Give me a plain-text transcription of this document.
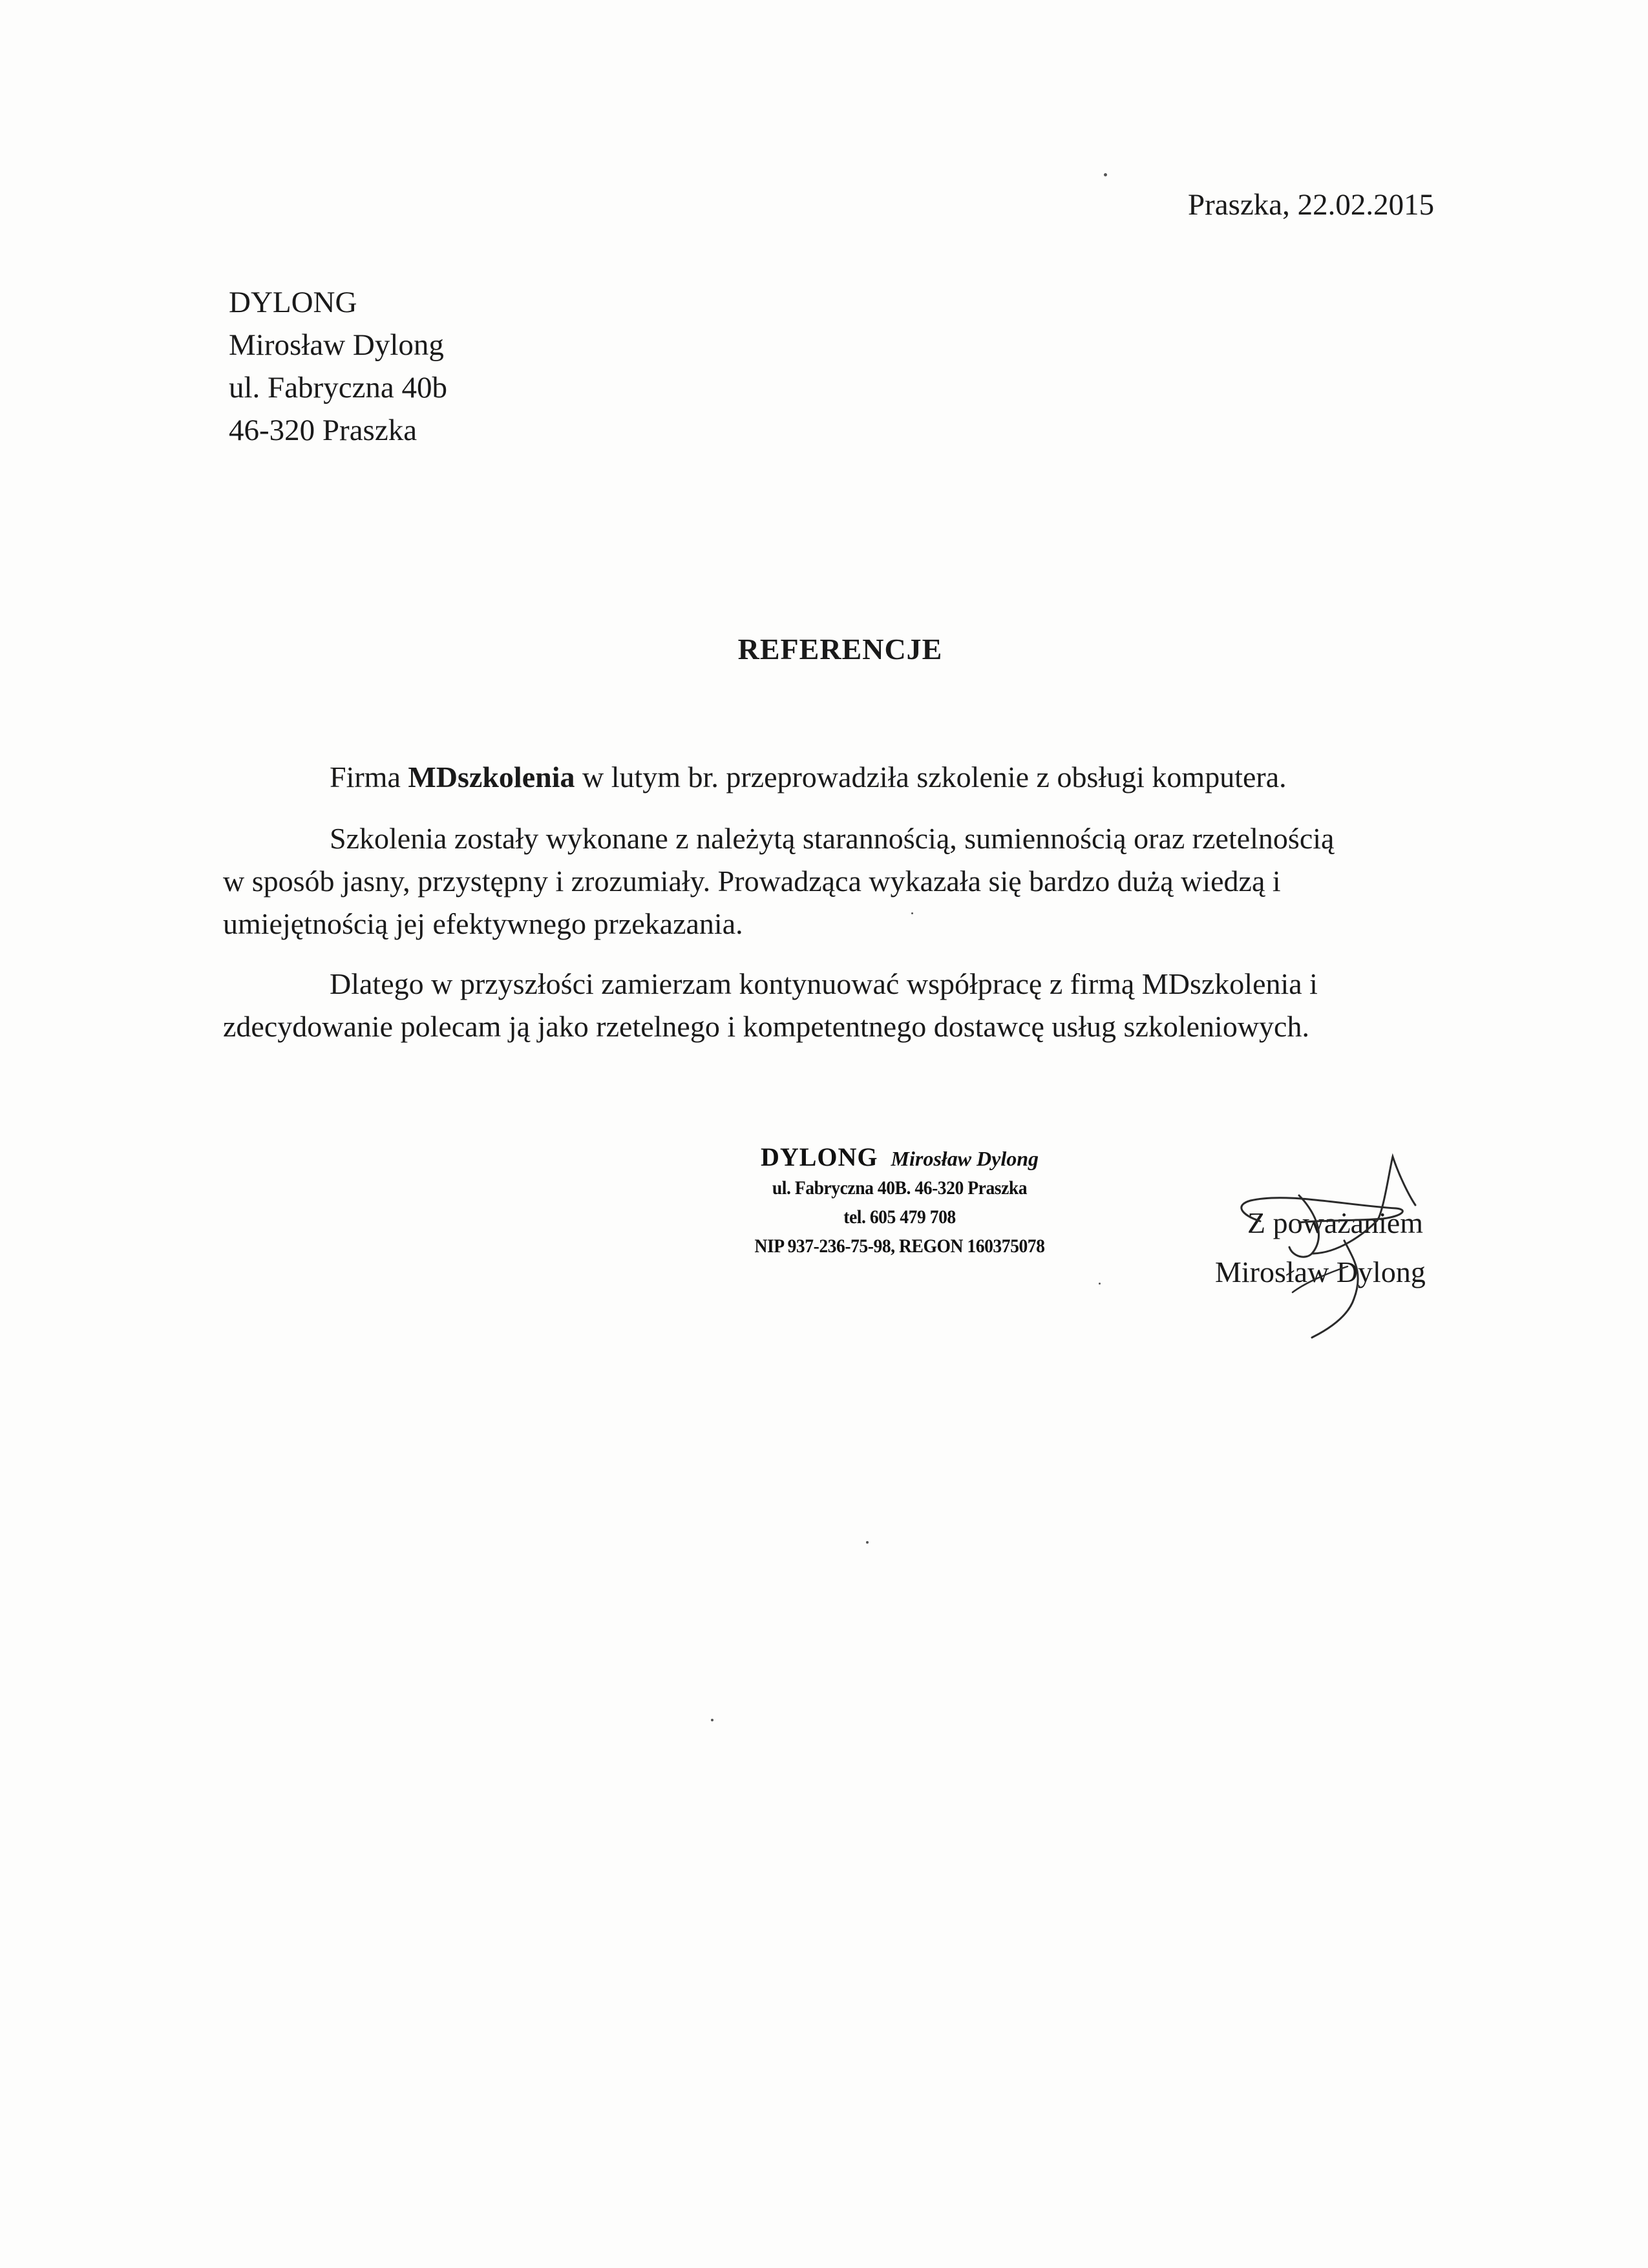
Praszka, 22.02.2015
DYLONG
Mirosław Dylong
ul. Fabryczna 40b
46-320 Praszka
REFERENCJE
Firma MDszkolenia w lutym br. przeprowadziła szkolenie z obsługi komputera.
Szkolenia zostały wykonane z należytą starannością, sumiennością oraz rzetelnością
w sposób jasny, przystępny i zrozumiały. Prowadząca wykazała się bardzo dużą wiedzą i
umiejętnością jej efektywnego przekazania.
Dlatego w przyszłości zamierzam kontynuować współpracę z firmą MDszkolenia i
zdecydowanie polecam ją jako rzetelnego i kompetentnego dostawcę usług szkoleniowych.
DYLONG Mirosław Dylong
ul. Fabryczna 40B. 46-320 Praszka
tel. 605 479 708
NIP 937-236-75-98, REGON 160375078
Z poważaniem
Mirosław Dylong
